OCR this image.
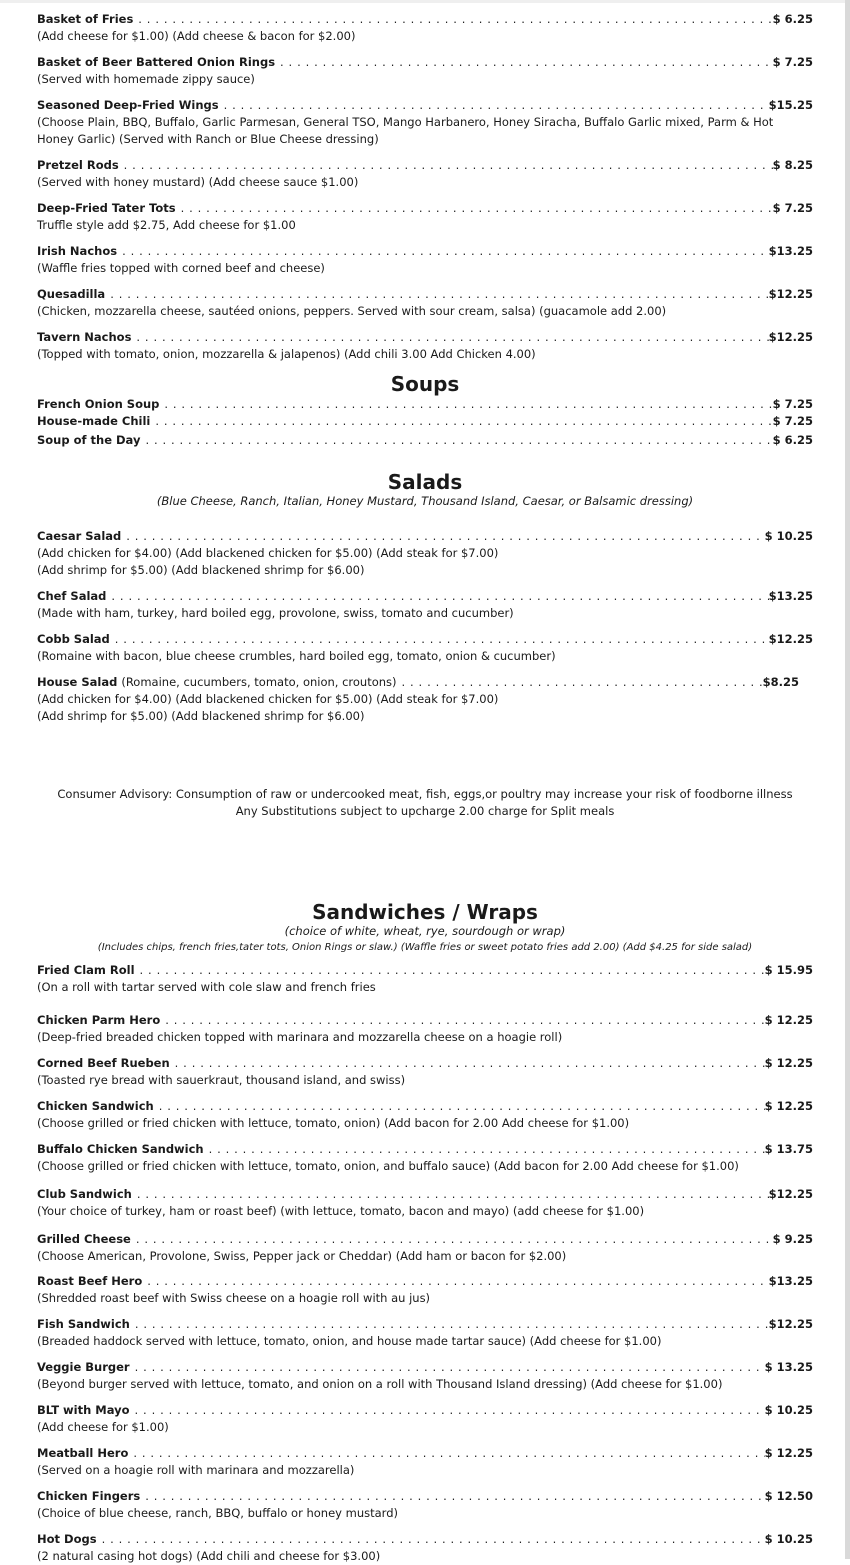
Basket of Fries . . .	$ 6.25
(Add cheese for $1.00) (Add cheese & bacon for $2.00)
Basket of Beer Battered Onion Rings . . .	$ 7.25
(Served with homemade zippy sauce)
Seasoned Deep-Fried Wings . . .	$15.25
(Choose Plain, BBQ, Buffalo, Garlic Parmesan, General TSO, Mango Harbanero, Honey Siracha, Buffalo Garlic mixed, Parm & Hot Honey Garlic) (Served with Ranch or Blue Cheese dressing)
Pretzel Rods . . .	$ 8.25
(Served with honey mustard) (Add cheese sauce $1.00)
Deep-Fried Tater Tots . . .	$ 7.25
Truffle style add $2.75, Add cheese for $1.00
Irish Nachos . . .	$13.25
(Waffle fries topped with corned beef and cheese)
Quesadilla . . .	$12.25
(Chicken, mozzarella cheese, sautéed onions, peppers. Served with sour cream, salsa) (guacamole add 2.00)
Tavern Nachos . . .	$12.25
(Topped with tomato, onion, mozzarella & jalapenos) (Add chili 3.00 Add Chicken 4.00)
Soups
French Onion Soup . . .	$ 7.25
House-made Chili . . .	$ 7.25
Soup of the Day . . .	$ 6.25
Salads
(Blue Cheese, Ranch, Italian, Honey Mustard, Thousand Island, Caesar, or Balsamic dressing)
Caesar Salad . . .	$ 10.25
(Add chicken for $4.00) (Add blackened chicken for $5.00) (Add steak for $7.00)
(Add shrimp for $5.00) (Add blackened shrimp for $6.00)
Chef Salad . . .	$13.25
(Made with ham, turkey, hard boiled egg, provolone, swiss, tomato and cucumber)
Cobb Salad . . .	$12.25
(Romaine with bacon, blue cheese crumbles, hard boiled egg, tomato, onion & cucumber)
House Salad (Romaine, cucumbers, tomato, onion, croutons) . . .	$8.25
(Add chicken for $4.00) (Add blackened chicken for $5.00) (Add steak for $7.00)
(Add shrimp for $5.00) (Add blackened shrimp for $6.00)
Consumer Advisory: Consumption of raw or undercooked meat, fish, eggs,or poultry may increase your risk of foodborne illness
Any Substitutions subject to upcharge 2.00 charge for Split meals
Sandwiches / Wraps
(choice of white, wheat, rye, sourdough or wrap)
(Includes chips, french fries,tater tots, Onion Rings or slaw.) (Waffle fries or sweet potato fries add 2.00) (Add $4.25 for side salad)
Fried Clam Roll . . .	$ 15.95
(On a roll with tartar served with cole slaw and french fries
Chicken Parm Hero . . .	$ 12.25
(Deep-fried breaded chicken topped with marinara and mozzarella cheese on a hoagie roll)
Corned Beef Rueben . . .	$ 12.25
(Toasted rye bread with sauerkraut, thousand island, and swiss)
Chicken Sandwich . . .	$ 12.25
(Choose grilled or fried chicken with lettuce, tomato, onion) (Add bacon for 2.00 Add cheese for $1.00)
Buffalo Chicken Sandwich . . .	$ 13.75
(Choose grilled or fried chicken with lettuce, tomato, onion, and buffalo sauce) (Add bacon for 2.00 Add cheese for $1.00)
Club Sandwich . . .	$12.25
(Your choice of turkey, ham or roast beef) (with lettuce, tomato, bacon and mayo) (add cheese for $1.00)
Grilled Cheese . . .	$ 9.25
(Choose American, Provolone, Swiss, Pepper jack or Cheddar) (Add ham or bacon for $2.00)
Roast Beef Hero . . .	$13.25
(Shredded roast beef with Swiss cheese on a hoagie roll with au jus)
Fish Sandwich . . .	$12.25
(Breaded haddock served with lettuce, tomato, onion, and house made tartar sauce) (Add cheese for $1.00)
Veggie Burger . . .	$ 13.25
(Beyond burger served with lettuce, tomato, and onion on a roll with Thousand Island dressing) (Add cheese for $1.00)
BLT with Mayo . . .	$ 10.25
(Add cheese for $1.00)
Meatball Hero . . .	$ 12.25
(Served on a hoagie roll with marinara and mozzarella)
Chicken Fingers . . .	$ 12.50
(Choice of blue cheese, ranch, BBQ, buffalo or honey mustard)
Hot Dogs . . .	$ 10.25
(2 natural casing hot dogs) (Add chili and cheese for $3.00)
